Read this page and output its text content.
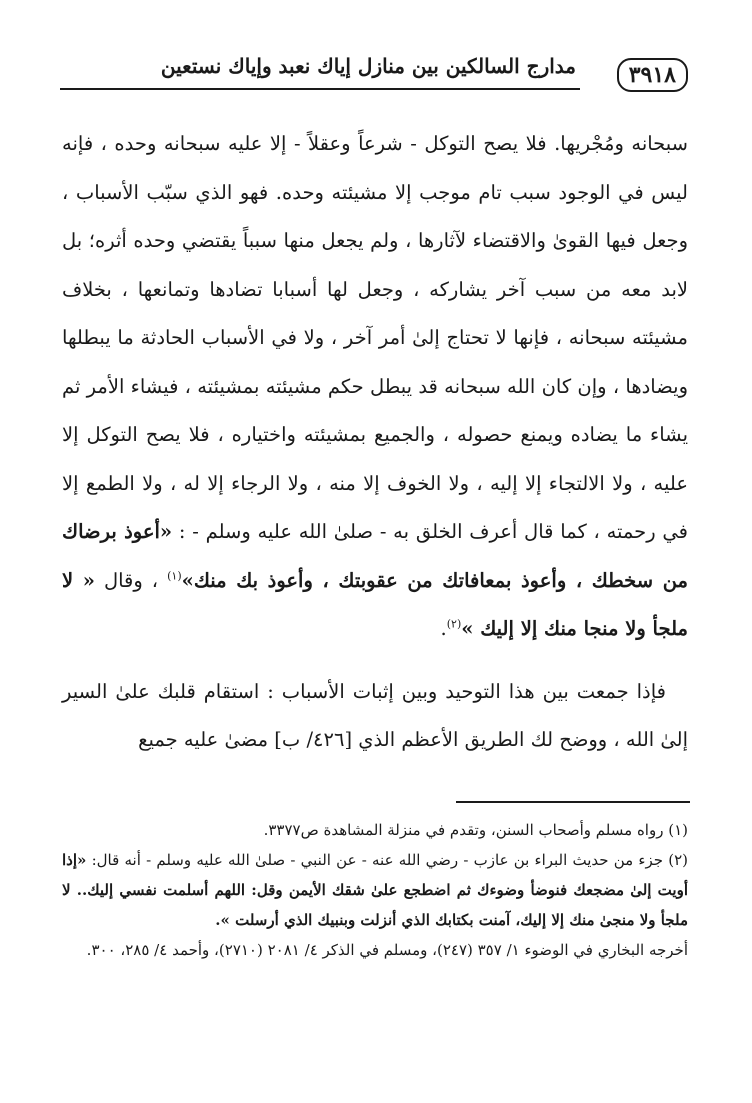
٣٩١٨
مدارج السالكين بين منازل إياك نعبد وإياك نستعين

سبحانه ومُجْريها. فلا يصح التوكل - شرعاً وعقلاً - إلا عليه سبحانه وحده ، فإنه ليس في الوجود سبب تام موجب إلا مشيئته وحده. فهو الذي سبّب الأسباب ، وجعل فيها القوىٰ والاقتضاء لآثارها ، ولم يجعل منها سبباً يقتضي وحده أثره؛ بل لابد معه من سبب آخر يشاركه ، وجعل لها أسبابا تضادها وتمانعها ، بخلاف مشيئته سبحانه ، فإنها لا تحتاج إلىٰ أمر آخر ، ولا في الأسباب الحادثة ما يبطلها ويضادها ، وإن كان الله سبحانه قد يبطل حكم مشيئته بمشيئته ، فيشاء الأمر ثم يشاء ما يضاده ويمنع حصوله ، والجميع بمشيئته واختياره ، فلا يصح التوكل إلا عليه ، ولا الالتجاء إلا إليه ، ولا الخوف إلا منه ، ولا الرجاء إلا له ، ولا الطمع إلا في رحمته ، كما قال أعرف الخلق به - صلىٰ الله عليه وسلم - : «أعوذ برضاك من سخطك ، وأعوذ بمعافاتك من عقوبتك ، وأعوذ بك منك»$^{(١)}$ ، وقال « لا ملجأ ولا منجا منك إلا إليك »$^{(٢)}$.

فإذا جمعت بين هذا التوحيد وبين إثبات الأسباب : استقام قلبك علىٰ السير إلىٰ الله ، ووضح لك الطريق الأعظم الذي [٤٢٦/ ب] مضىٰ عليه جميع

(١) رواه مسلم وأصحاب السنن، وتقدم في منزلة المشاهدة ص٣٣٧٧.

(٢) جزء من حديث البراء بن عازب - رضي الله عنه - عن النبي - صلىٰ الله عليه وسلم - أنه قال: «إذا أويت إلىٰ مضجعك فنوضأ وضوءك ثم اضطجع علىٰ شقك الأيمن وقل: اللهم أسلمت نفسي إليك.. لا ملجأ ولا منجىٰ منك إلا إليك، آمنت بكتابك الذي أنزلت وبنبيك الذي أرسلت ».

أخرجه البخاري في الوضوء ١/ ٣٥٧ (٢٤٧)، ومسلم في الذكر ٤/ ٢٠٨١ (٢٧١٠)، وأحمد ٤/ ٢٨٥، ٣٠٠.
